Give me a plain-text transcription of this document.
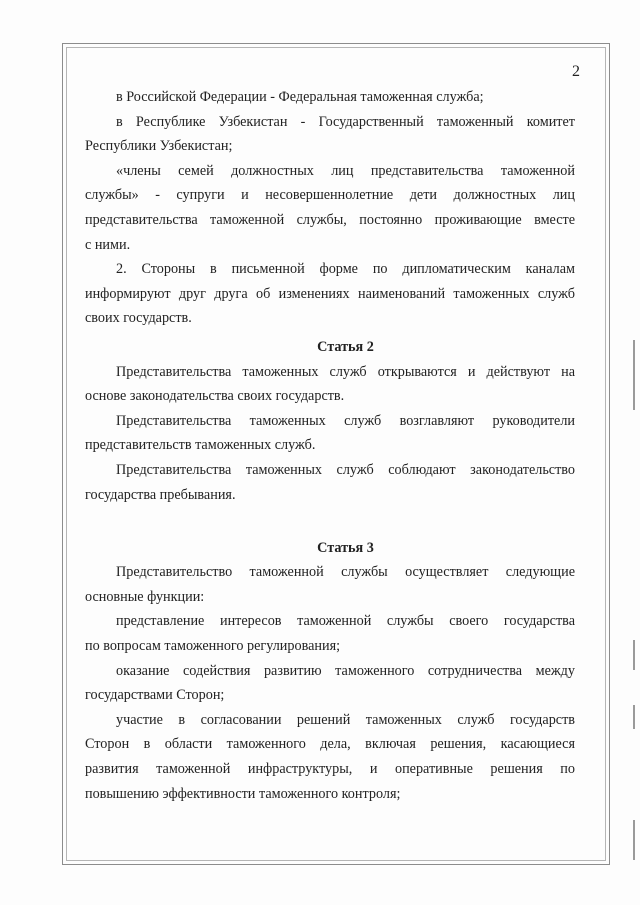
2
в Российской Федерации - Федеральная таможенная служба;
в Республике Узбекистан - Государственный таможенный комитет
Республики Узбекистан;
«члены семей должностных лиц представительства таможенной
службы» - супруги и несовершеннолетние дети должностных лиц
представительства таможенной службы, постоянно проживающие вместе
с ними.
2. Стороны в письменной форме по дипломатическим каналам
информируют друг друга об изменениях наименований таможенных служб
своих государств.

Статья 2

Представительства таможенных служб открываются и действуют на
основе законодательства своих государств.
Представительства таможенных служб возглавляют руководители
представительств таможенных служб.
Представительства таможенных служб соблюдают законодательство
государства пребывания.

Статья 3

Представительство таможенной службы осуществляет следующие
основные функции:
представление интересов таможенной службы своего государства
по вопросам таможенного регулирования;
оказание содействия развитию таможенного сотрудничества между
государствами Сторон;
участие в согласовании решений таможенных служб государств
Сторон в области таможенного дела, включая решения, касающиеся
развития таможенной инфраструктуры, и оперативные решения по
повышению эффективности таможенного контроля;
